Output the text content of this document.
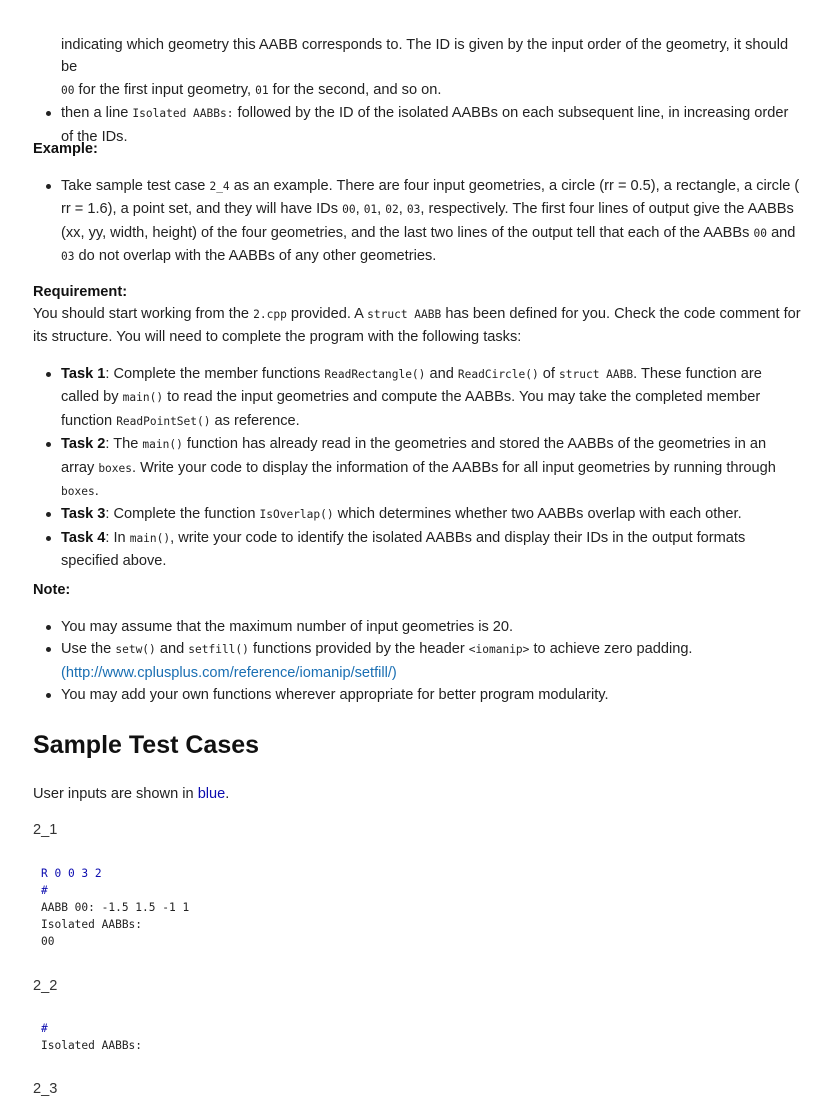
indicating which geometry this AABB corresponds to. The ID is given by the input order of the geometry, it should be
00 for the first input geometry, 01 for the second, and so on.
then a line Isolated AABBs: followed by the ID of the isolated AABBs on each subsequent line, in increasing order of the IDs.
Example:
Take sample test case 2_4 as an example. There are four input geometries, a circle (rr = 0.5), a rectangle, a circle ( rr = 1.6), a point set, and they will have IDs 00, 01, 02, 03, respectively. The first four lines of output give the AABBs (xx, yy, width, height) of the four geometries, and the last two lines of the output tell that each of the AABBs 00 and 03 do not overlap with the AABBs of any other geometries.
Requirement:
You should start working from the 2.cpp provided. A struct AABB has been defined for you. Check the code comment for its structure. You will need to complete the program with the following tasks:
Task 1: Complete the member functions ReadRectangle() and ReadCircle() of struct AABB. These function are called by main() to read the input geometries and compute the AABBs. You may take the completed member function ReadPointSet() as reference.
Task 2: The main() function has already read in the geometries and stored the AABBs of the geometries in an array boxes. Write your code to display the information of the AABBs for all input geometries by running through boxes.
Task 3: Complete the function IsOverlap() which determines whether two AABBs overlap with each other.
Task 4: In main(), write your code to identify the isolated AABBs and display their IDs in the output formats specified above.
Note:
You may assume that the maximum number of input geometries is 20.
Use the setw() and setfill() functions provided by the header <iomanip> to achieve zero padding.
(http://www.cplusplus.com/reference/iomanip/setfill/)
You may add your own functions wherever appropriate for better program modularity.
Sample Test Cases
User inputs are shown in blue.
2_1
R 0 0 3 2
#
AABB 00: -1.5 1.5 -1 1
Isolated AABBs:
00
2_2
#
Isolated AABBs:
2_3
